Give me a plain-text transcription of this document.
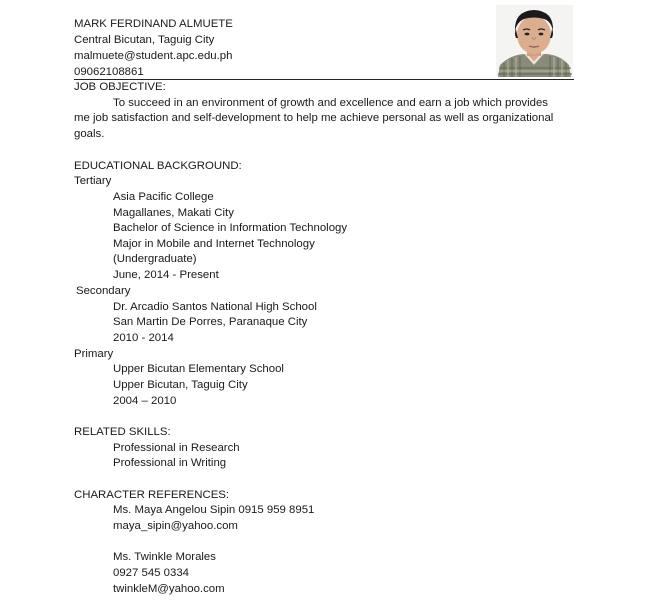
MARK FERDINAND ALMUETE
Central Bicutan, Taguig City
malmuete@student.apc.edu.ph
09062108861
JOB OBJECTIVE:
To succeed in an environment of growth and excellence and earn a job which provides
me job satisfaction and self-development to help me achieve personal as well as organizational
goals.
EDUCATIONAL BACKGROUND:
Tertiary
Asia Pacific College
Magallanes, Makati City
Bachelor of Science in Information Technology
Major in Mobile and Internet Technology
(Undergraduate)
June, 2014 - Present
Secondary
Dr. Arcadio Santos National High School
San Martin De Porres, Paranaque City
2010 - 2014
Primary
Upper Bicutan Elementary School
Upper Bicutan, Taguig City
2004 – 2010
RELATED SKILLS:
Professional in Research
Professional in Writing
CHARACTER REFERENCES:
Ms. Maya Angelou Sipin 0915 959 8951
maya_sipin@yahoo.com
Ms. Twinkle Morales
0927 545 0334
twinkleM@yahoo.com
